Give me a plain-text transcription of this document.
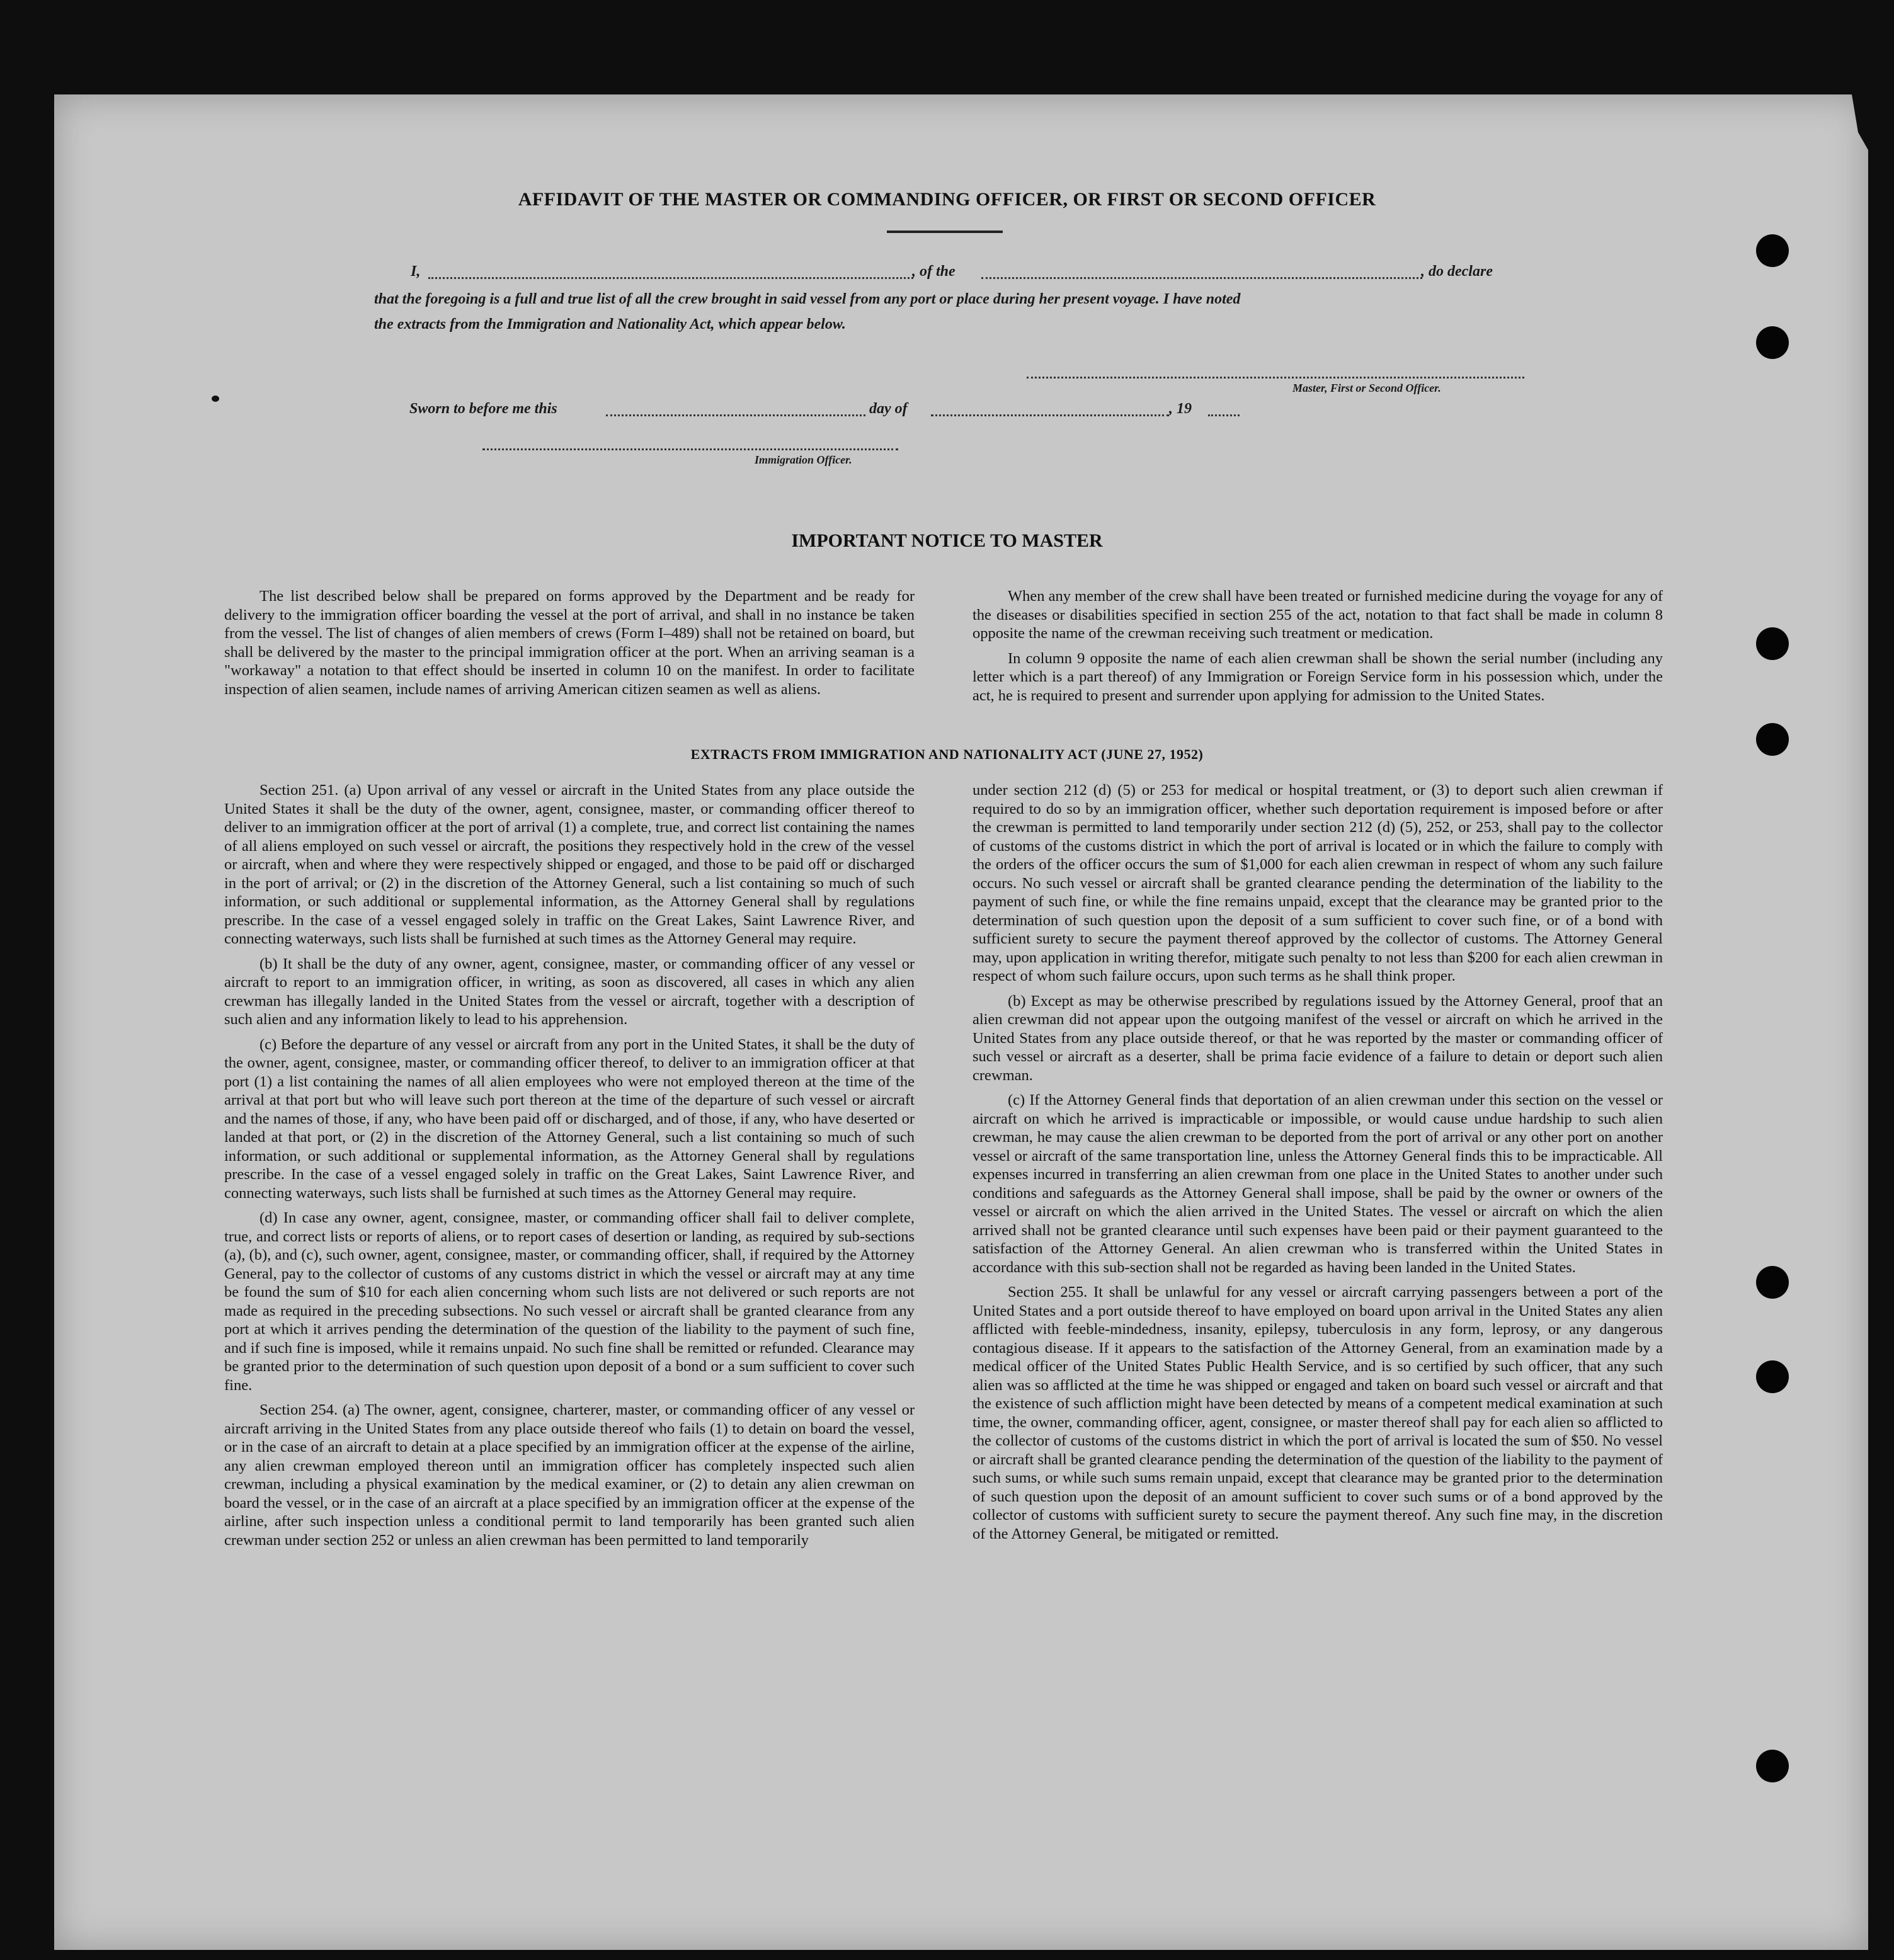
AFFIDAVIT OF THE MASTER OR COMMANDING OFFICER, OR FIRST OR SECOND OFFICER
I,	, of the	, do declare
that the foregoing is a full and true list of all the crew brought in said vessel from any port or place during her present voyage. I have noted
the extracts from the Immigration and Nationality Act, which appear below.
Master, First or Second Officer.
Sworn to before me this	day of	, 19
Immigration Officer.
IMPORTANT NOTICE TO MASTER

The list described below shall be prepared on forms approved by the Department and be ready for delivery to the immigration officer boarding the vessel at the port of arrival, and shall in no instance be taken from the vessel. The list of changes of alien members of crews (Form I–489) shall not be retained on board, but shall be delivered by the master to the principal immigration officer at the port. When an arriving seaman is a "workaway" a notation to that effect should be inserted in column 10 on the manifest. In order to facilitate inspection of alien seamen, include names of arriving American citizen seamen as well as aliens.

When any member of the crew shall have been treated or furnished medicine during the voyage for any of the diseases or disabilities specified in section 255 of the act, notation to that fact shall be made in column 8 opposite the name of the crewman receiving such treatment or medication.

In column 9 opposite the name of each alien crewman shall be shown the serial number (including any letter which is a part thereof) of any Immigration or Foreign Service form in his possession which, under the act, he is required to present and surrender upon applying for admission to the United States.

EXTRACTS FROM IMMIGRATION AND NATIONALITY ACT (JUNE 27, 1952)

Section 251. (a) Upon arrival of any vessel or aircraft in the United States from any place outside the United States it shall be the duty of the owner, agent, consignee, master, or commanding officer thereof to deliver to an immigration officer at the port of arrival (1) a complete, true, and correct list containing the names of all aliens employed on such vessel or aircraft, the positions they respectively hold in the crew of the vessel or aircraft, when and where they were respectively shipped or engaged, and those to be paid off or discharged in the port of arrival; or (2) in the discretion of the Attorney General, such a list containing so much of such information, or such additional or supplemental information, as the Attorney General shall by regulations prescribe. In the case of a vessel engaged solely in traffic on the Great Lakes, Saint Lawrence River, and connecting waterways, such lists shall be furnished at such times as the Attorney General may require.

(b) It shall be the duty of any owner, agent, consignee, master, or commanding officer of any vessel or aircraft to report to an immigration officer, in writing, as soon as discovered, all cases in which any alien crewman has illegally landed in the United States from the vessel or aircraft, together with a description of such alien and any information likely to lead to his apprehension.

(c) Before the departure of any vessel or aircraft from any port in the United States, it shall be the duty of the owner, agent, consignee, master, or commanding officer thereof, to deliver to an immigration officer at that port (1) a list containing the names of all alien employees who were not employed thereon at the time of the arrival at that port but who will leave such port thereon at the time of the departure of such vessel or aircraft and the names of those, if any, who have been paid off or discharged, and of those, if any, who have deserted or landed at that port, or (2) in the discretion of the Attorney General, such a list containing so much of such information, or such additional or supplemental information, as the Attorney General shall by regulations prescribe. In the case of a vessel engaged solely in traffic on the Great Lakes, Saint Lawrence River, and connecting waterways, such lists shall be furnished at such times as the Attorney General may require.

(d) In case any owner, agent, consignee, master, or commanding officer shall fail to deliver complete, true, and correct lists or reports of aliens, or to report cases of desertion or landing, as required by sub-sections (a), (b), and (c), such owner, agent, consignee, master, or commanding officer, shall, if required by the Attorney General, pay to the collector of customs of any customs district in which the vessel or aircraft may at any time be found the sum of $10 for each alien concerning whom such lists are not delivered or such reports are not made as required in the preceding subsections. No such vessel or aircraft shall be granted clearance from any port at which it arrives pending the determination of the question of the liability to the payment of such fine, and if such fine is imposed, while it remains unpaid. No such fine shall be remitted or refunded. Clearance may be granted prior to the determination of such question upon deposit of a bond or a sum sufficient to cover such fine.

Section 254. (a) The owner, agent, consignee, charterer, master, or commanding officer of any vessel or aircraft arriving in the United States from any place outside thereof who fails (1) to detain on board the vessel, or in the case of an aircraft to detain at a place specified by an immigration officer at the expense of the airline, any alien crewman employed thereon until an immigration officer has completely inspected such alien crewman, including a physical examination by the medical examiner, or (2) to detain any alien crewman on board the vessel, or in the case of an aircraft at a place specified by an immigration officer at the expense of the airline, after such inspection unless a conditional permit to land temporarily has been granted such alien crewman under section 252 or unless an alien crewman has been permitted to land temporarily

under section 212 (d) (5) or 253 for medical or hospital treatment, or (3) to deport such alien crewman if required to do so by an immigration officer, whether such deportation requirement is imposed before or after the crewman is permitted to land temporarily under section 212 (d) (5), 252, or 253, shall pay to the collector of customs of the customs district in which the port of arrival is located or in which the failure to comply with the orders of the officer occurs the sum of $1,000 for each alien crewman in respect of whom any such failure occurs. No such vessel or aircraft shall be granted clearance pending the determination of the liability to the payment of such fine, or while the fine remains unpaid, except that the clearance may be granted prior to the determination of such question upon the deposit of a sum sufficient to cover such fine, or of a bond with sufficient surety to secure the payment thereof approved by the collector of customs. The Attorney General may, upon application in writing therefor, mitigate such penalty to not less than $200 for each alien crewman in respect of whom such failure occurs, upon such terms as he shall think proper.

(b) Except as may be otherwise prescribed by regulations issued by the Attorney General, proof that an alien crewman did not appear upon the outgoing manifest of the vessel or aircraft on which he arrived in the United States from any place outside thereof, or that he was reported by the master or commanding officer of such vessel or aircraft as a deserter, shall be prima facie evidence of a failure to detain or deport such alien crewman.

(c) If the Attorney General finds that deportation of an alien crewman under this section on the vessel or aircraft on which he arrived is impracticable or impossible, or would cause undue hardship to such alien crewman, he may cause the alien crewman to be deported from the port of arrival or any other port on another vessel or aircraft of the same transportation line, unless the Attorney General finds this to be impracticable. All expenses incurred in transferring an alien crewman from one place in the United States to another under such conditions and safeguards as the Attorney General shall impose, shall be paid by the owner or owners of the vessel or aircraft on which the alien arrived in the United States. The vessel or aircraft on which the alien arrived shall not be granted clearance until such expenses have been paid or their payment guaranteed to the satisfaction of the Attorney General. An alien crewman who is transferred within the United States in accordance with this sub-section shall not be regarded as having been landed in the United States.

Section 255. It shall be unlawful for any vessel or aircraft carrying passengers between a port of the United States and a port outside thereof to have employed on board upon arrival in the United States any alien afflicted with feeble-mindedness, insanity, epilepsy, tuberculosis in any form, leprosy, or any dangerous contagious disease. If it appears to the satisfaction of the Attorney General, from an examination made by a medical officer of the United States Public Health Service, and is so certified by such officer, that any such alien was so afflicted at the time he was shipped or engaged and taken on board such vessel or aircraft and that the existence of such affliction might have been detected by means of a competent medical examination at such time, the owner, commanding officer, agent, consignee, or master thereof shall pay for each alien so afflicted to the collector of customs of the customs district in which the port of arrival is located the sum of $50. No vessel or aircraft shall be granted clearance pending the determination of the question of the liability to the payment of such sums, or while such sums remain unpaid, except that clearance may be granted prior to the determination of such question upon the deposit of an amount sufficient to cover such sums or of a bond approved by the collector of customs with sufficient surety to secure the payment thereof. Any such fine may, in the discretion of the Attorney General, be mitigated or remitted.
